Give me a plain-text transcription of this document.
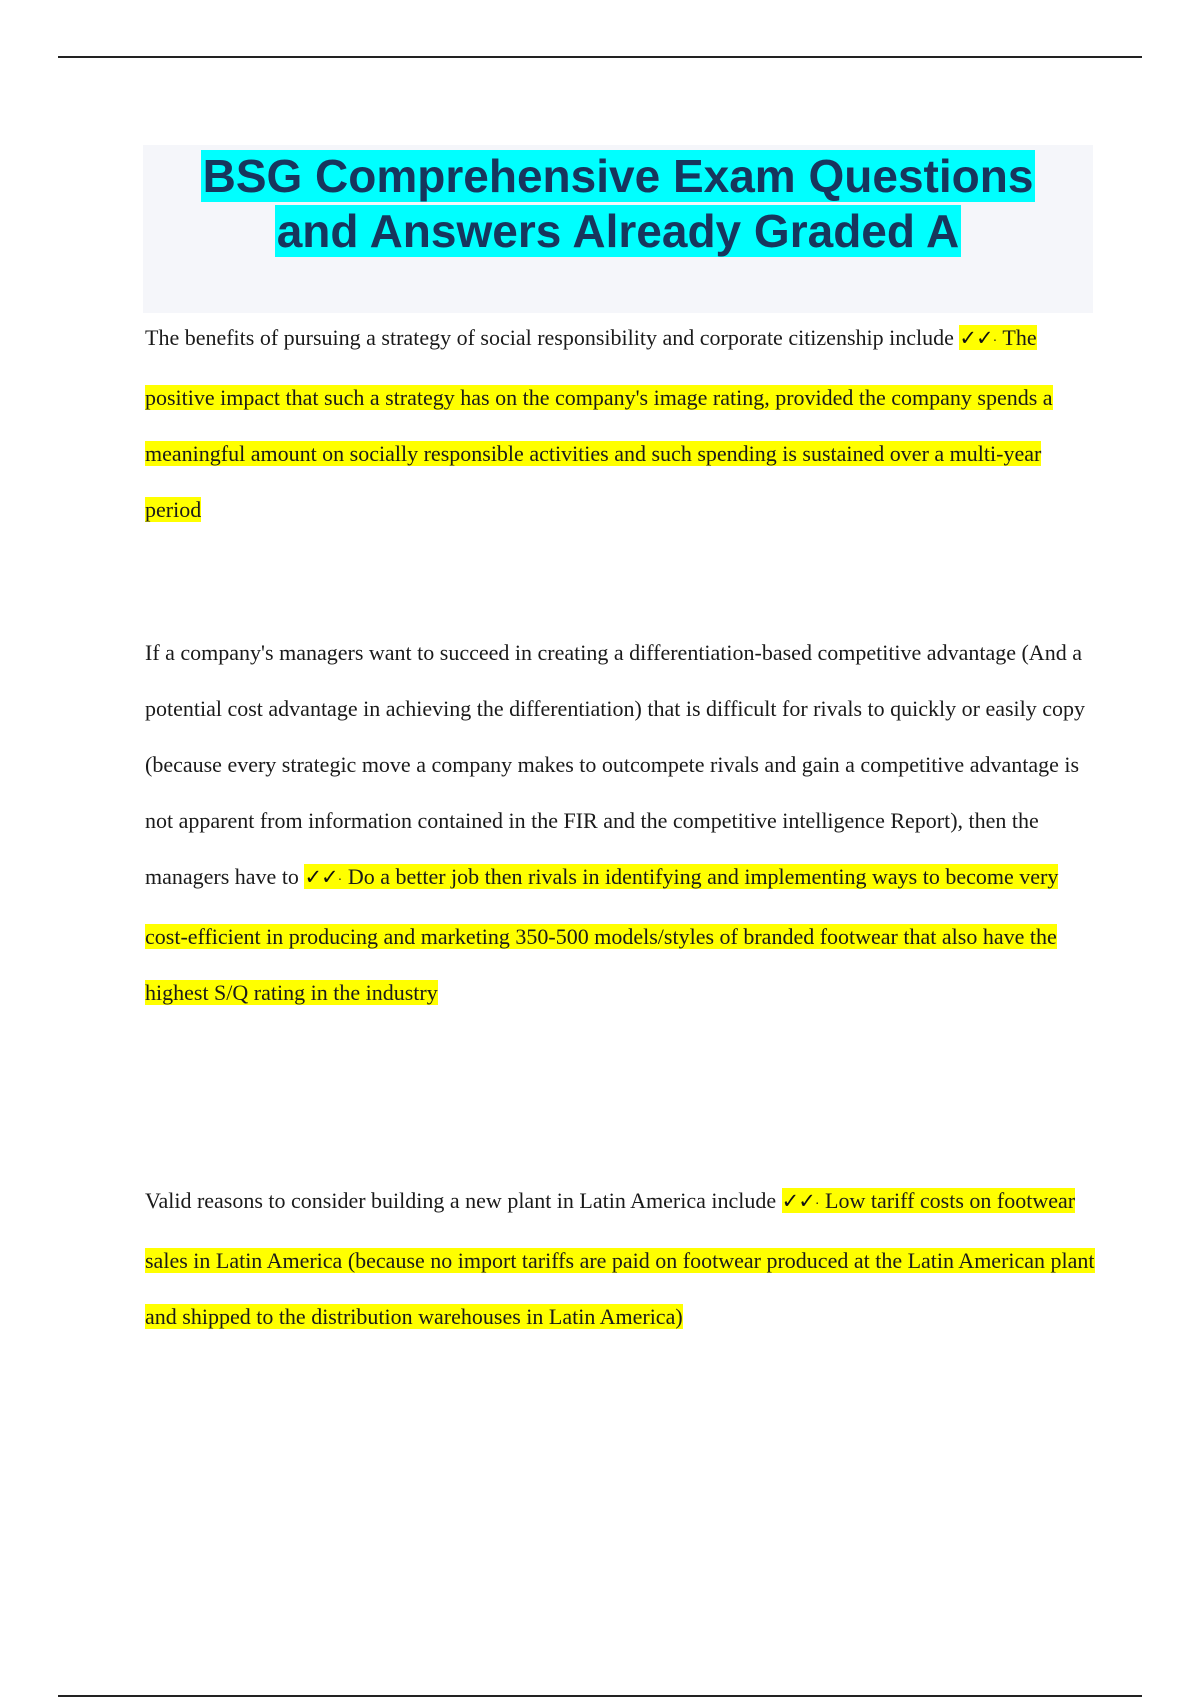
BSG Comprehensive Exam Questions
and Answers Already Graded A

The benefits of pursuing a strategy of social responsibility and corporate citizenship include ✓✓· The positive impact that such a strategy has on the company's image rating, provided the company spends a meaningful amount on socially responsible activities and such spending is sustained over a multi-year period

If a company's managers want to succeed in creating a differentiation-based competitive advantage (And a potential cost advantage in achieving the differentiation) that is difficult for rivals to quickly or easily copy (because every strategic move a company makes to outcompete rivals and gain a competitive advantage is not apparent from information contained in the FIR and the competitive intelligence Report), then the managers have to ✓✓· Do a better job then rivals in identifying and implementing ways to become very cost-efficient in producing and marketing 350-500 models/styles of branded footwear that also have the highest S/Q rating in the industry

Valid reasons to consider building a new plant in Latin America include ✓✓· Low tariff costs on footwear sales in Latin America (because no import tariffs are paid on footwear produced at the Latin American plant and shipped to the distribution warehouses in Latin America)
